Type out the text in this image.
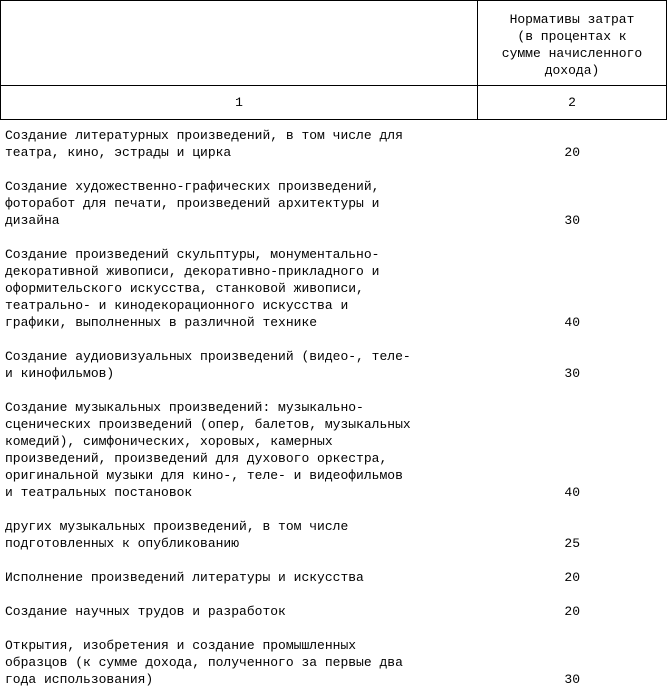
	Нормативы затрат
(в процентах к
сумме начисленного
дохода)

1	2
Создание литературных произведений, в том числе для
театра, кино, эстрады и цирка	20
Создание художественно-графических произведений,
фоторабот для печати, произведений архитектуры и
дизайна	30
Создание произведений скульптуры, монументально-
декоративной живописи, декоративно-прикладного и
оформительского искусства, станковой живописи,
театрально- и кинодекорационного искусства и
графики, выполненных в различной технике	40
Создание аудиовизуальных произведений (видео-, теле-
и кинофильмов)	30
Создание музыкальных произведений: музыкально-
сценических произведений (опер, балетов, музыкальных
комедий), симфонических, хоровых, камерных
произведений, произведений для духового оркестра,
оригинальной музыки для кино-, теле- и видеофильмов
и театральных постановок	40
других музыкальных произведений, в том числе
подготовленных к опубликованию	25
Исполнение произведений литературы и искусства	20
Создание научных трудов и разработок	20
Открытия, изобретения и создание промышленных
образцов (к сумме дохода, полученного за первые два
года использования)	30
